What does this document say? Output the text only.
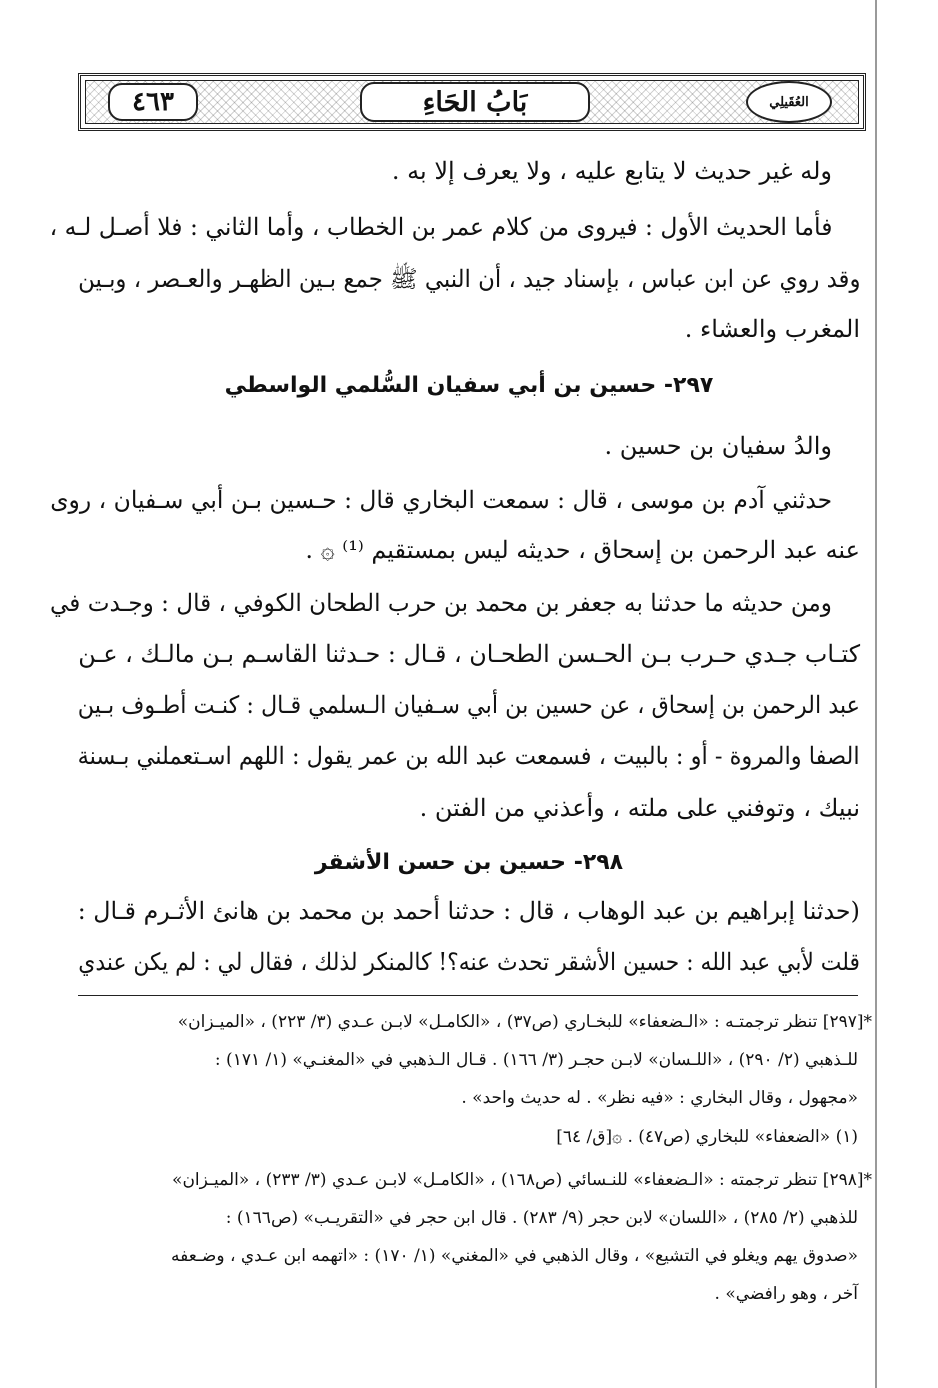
٤٦٣	بَابُ الحَاءِ	العُقَيلِي
وله غير حديث لا يتابع عليه ، ولا يعرف إلا به .
فأما الحديث الأول : فيروى من كلام عمر بن الخطاب ، وأما الثاني : فلا أصـل لـه ،
وقد روي عن ابن عباس ، بإسناد جيد ، أن النبي ﷺ جمع بـين الظهـر والعـصر ، وبـين
المغرب والعشاء .
٢٩٧- حسين بن أبي سفيان السُّلمي الواسطي
والدُ سفيان بن حسين .
حدثني آدم بن موسى ، قال : سمعت البخاري قال : حـسين بـن أبي سـفيان ، روى
عنه عبد الرحمن بن إسحاق ، حديثه ليس بمستقيم ⁽¹⁾ ۞ .
ومن حديثه ما حدثنا به جعفر بن محمد بن حرب الطحان الكوفي ، قال : وجـدت في
كتـاب جـدي حـرب بـن الحـسن الطحـان ، قـال : حـدثنا القاسـم بـن مالـك ، عـن
عبد الرحمن بن إسحاق ، عن حسين بن أبي سـفيان الـسلمي قـال : كنـت أطـوف بـين
الصفا والمروة - أو : بالبيت ، فسمعت عبد الله بن عمر يقول : اللهم اسـتعملني بـسنة
نبيك ، وتوفني على ملته ، وأعذني من الفتن .
٢٩٨- حسين بن حسن الأشقر
(حدثنا إبراهيم بن عبد الوهاب ، قال : حدثنا أحمد بن محمد بن هانئ الأثـرم قـال :
قلت لأبي عبد الله : حسين الأشقر تحدث عنه؟! كالمنكر لذلك ، فقال لي : لم يكن عندي
*[٢٩٧] تنظر ترجمتـه : «الـضعفاء» للبخـاري (ص٣٧) ، «الكامـل» لابـن عـدي (٣/ ٢٢٣) ، «الميـزان»
للـذهبي (٢/ ٢٩٠) ، «اللـسان» لابـن حجـر (٣/ ١٦٦) . قـال الـذهبي في «المغنـي» (١/ ١٧١) :
«مجهول ، وقال البخاري : «فيه نظر» . له حديث واحد» .
(١) «الضعفاء» للبخاري (ص٤٧) . ۞[ق/ ٦٤]
*[٢٩٨] تنظر ترجمته : «الـضعفاء» للنـسائي (ص١٦٨) ، «الكامـل» لابـن عـدي (٣/ ٢٣٣) ، «الميـزان»
للذهبي (٢/ ٢٨٥) ، «اللسان» لابن حجر (٩/ ٢٨٣) . قال ابن حجر في «التقريـب» (ص١٦٦) :
«صدوق يهم ويغلو في التشيع» ، وقال الذهبي في «المغني» (١/ ١٧٠) : «اتهمه ابن عـدي ، وضـعفه
آخر ، وهو رافضي» .
